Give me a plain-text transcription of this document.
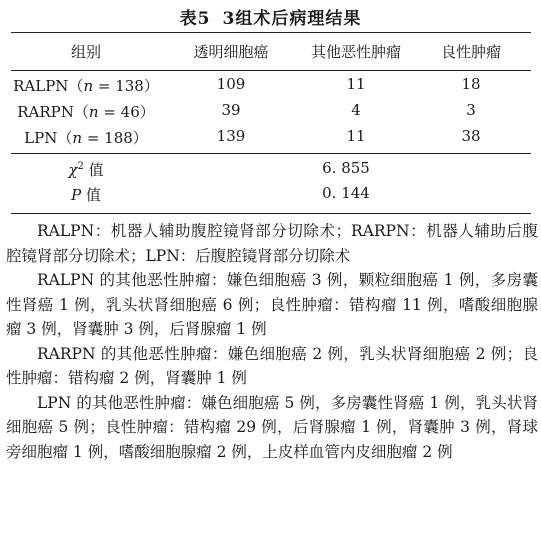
表5 3组术后病理结果
组别	透明细胞癌	其他恶性肿瘤	良性肿瘤
RALPN（n = 138）	109	11	18
RARPN（n = 46）	39	4	3
LPN（n = 188）	139	11	38
$\chi^2$ 值	6. 855
P 值	0. 144

RALPN：机器人辅助腹腔镜肾部分切除术；RARPN：机器人辅助后腹腔镜肾部分切除术；LPN：后腹腔镜肾部分切除术

RALPN 的其他恶性肿瘤：嫌色细胞癌 3 例，颗粒细胞癌 1 例，多房囊性肾癌 1 例，乳头状肾细胞癌 6 例；良性肿瘤：错构瘤 11 例，嗜酸细胞腺瘤 3 例，肾囊肿 3 例，后肾腺瘤 1 例

RARPN 的其他恶性肿瘤：嫌色细胞癌 2 例，乳头状肾细胞癌 2 例；良性肿瘤：错构瘤 2 例，肾囊肿 1 例

LPN 的其他恶性肿瘤：嫌色细胞癌 5 例，多房囊性肾癌 1 例，乳头状肾细胞癌 5 例；良性肿瘤：错构瘤 29 例，后肾腺瘤 1 例，肾囊肿 3 例，肾球旁细胞瘤 1 例，嗜酸细胞腺瘤 2 例，上皮样血管内皮细胞瘤 2 例
